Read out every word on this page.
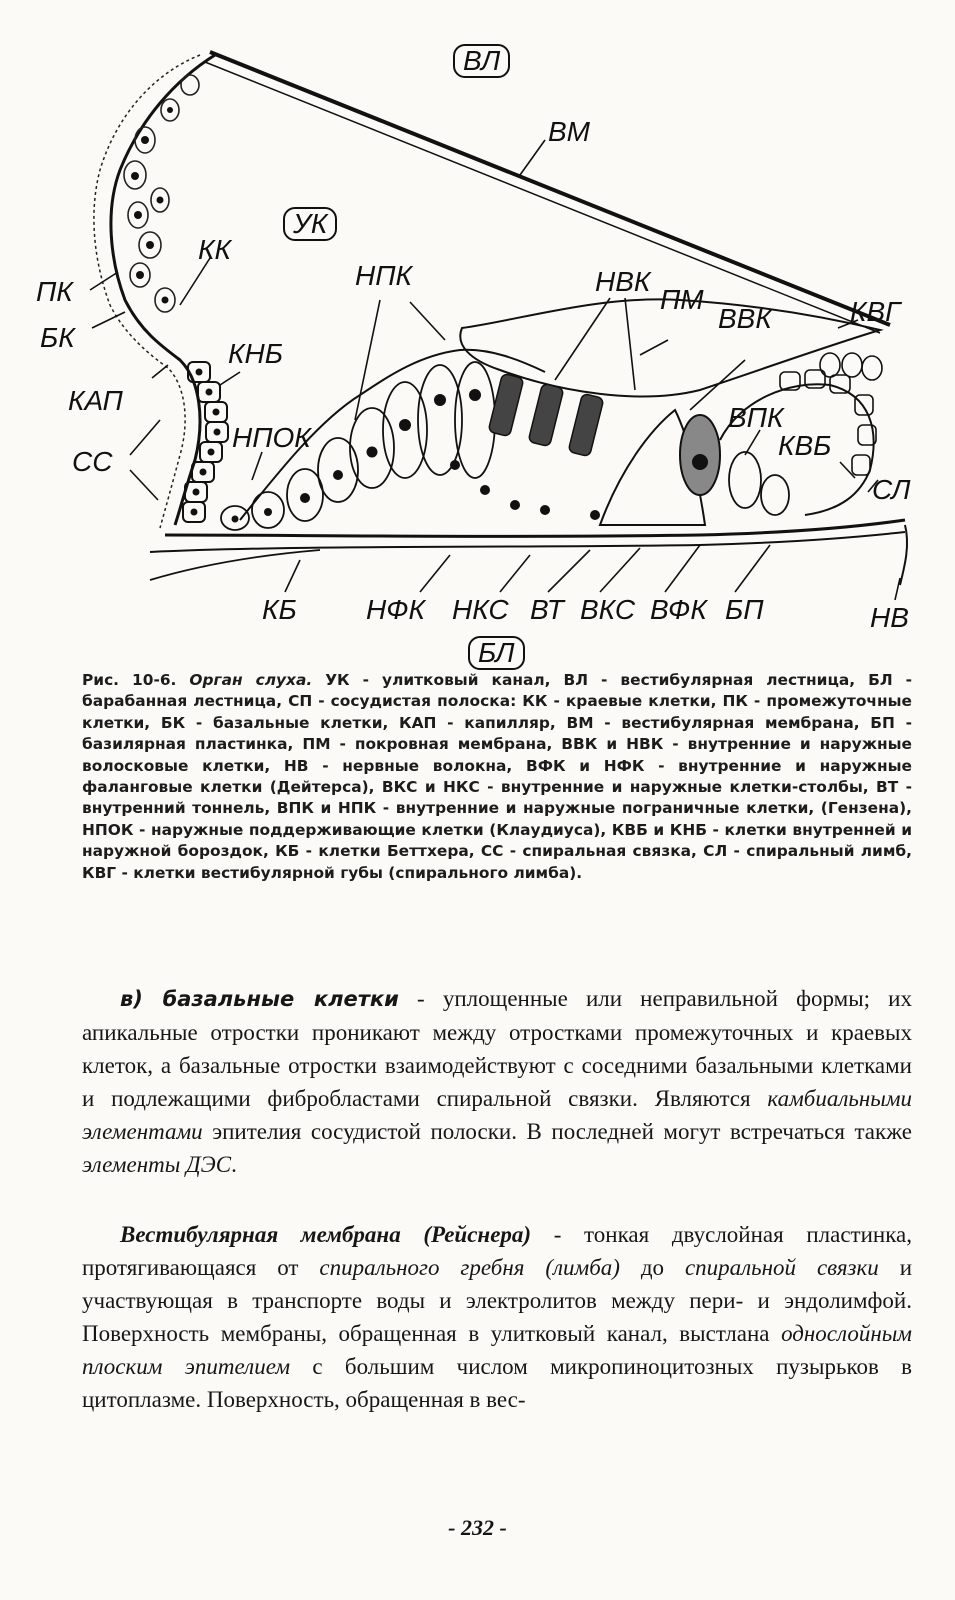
ВЛ
ВМ
УК
КК
ПК
БК
КНБ
КАП
НПОК
СС
НПК	НВК
ПМ
ВВК	КВГ
ВПК
КВБ
СЛ
КБ НФК НКС ВТ ВКС ВФК БП	НВ
БЛ
Рис. 10-6. Орган слуха. УК - улитковый канал, ВЛ - вестибулярная лестница, БЛ - барабанная лестница, СП - сосудистая полоска: КК - краевые клетки, ПК - промежуточные клетки, БК - базальные клетки, КАП - капилляр, ВМ - вестибулярная мембрана, БП - базилярная пластинка, ПМ - покровная мембрана, ВВК и НВК - внутренние и наружные волосковые клетки, НВ - нервные волокна, ВФК и НФК - внутренние и наружные фаланговые клетки (Дейтерса), ВКС и НКС - внутренние и наружные клетки-столбы, ВТ - внутренний тоннель, ВПК и НПК - внутренние и наружные пограничные клетки, (Гензена), НПОК - наружные поддерживающие клетки (Клаудиуса), КВБ и КНБ - клетки внутренней и наружной бороздок, КБ - клетки Беттхера, СС - спиральная связка, СЛ - спиральный лимб, КВГ - клетки вестибулярной губы (спирального лимба).

в) базальные клетки - уплощенные или неправильной формы; их апикальные отростки проникают между отростками промежуточных и краевых клеток, а базальные отростки взаимодействуют с соседними базальными клетками и подлежащими фибробластами спиральной связки. Являются камбиальными элементами эпителия сосудистой полоски. В последней могут встречаться также элементы ДЭС.

Вестибулярная мембрана (Рейснера) - тонкая двуслойная пластинка, протягивающаяся от спирального гребня (лимба) до спиральной связки и участвующая в транспорте воды и электролитов между пери- и эндолимфой. Поверхность мембраны, обращенная в улитковый канал, выстлана однослойным плоским эпителием с большим числом микропиноцитозных пузырьков в цитоплазме. Поверхность, обращенная в вес-

- 232 -
